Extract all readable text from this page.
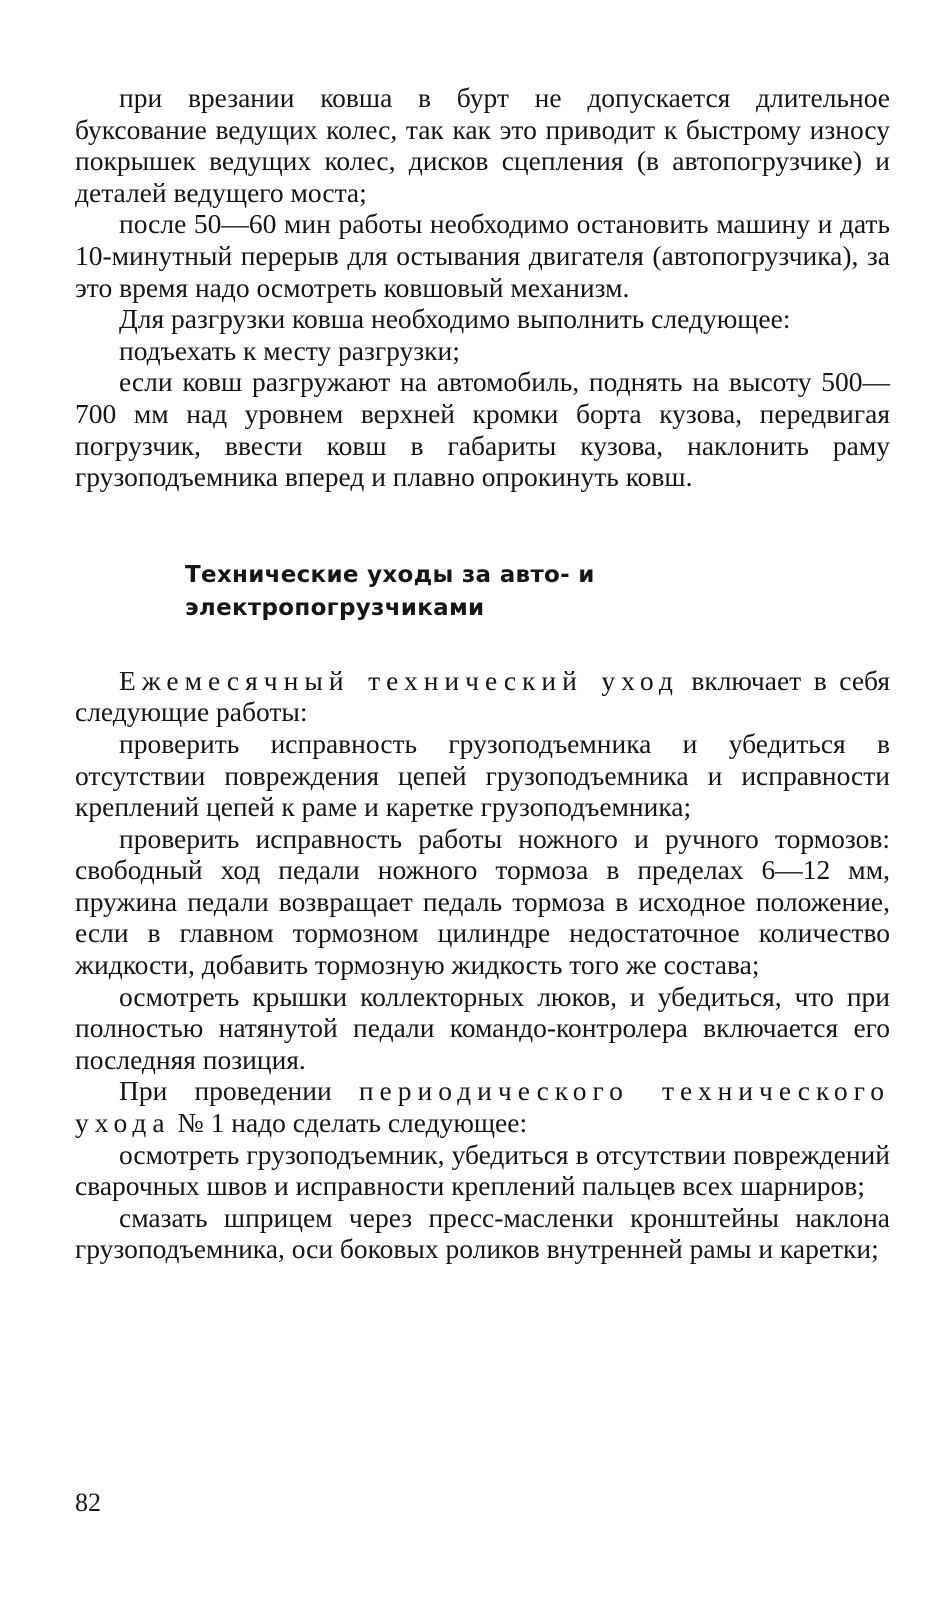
при врезании ковша в бурт не допускается длительное буксование ведущих колес, так как это приводит к быстрому износу покрышек ведущих колес, дисков сцепления (в автопогрузчике) и деталей ведущего моста;

после 50—60 мин работы необходимо остановить машину и дать 10-минутный перерыв для остывания двигателя (автопогрузчика), за это время надо осмотреть ковшовый механизм.

Для разгрузки ковша необходимо выполнить следующее:

подъехать к месту разгрузки;

если ковш разгружают на автомобиль, поднять на высоту 500—700 мм над уровнем верхней кромки борта кузова, передвигая погрузчик, ввести ковш в габариты кузова, наклонить раму грузоподъемника вперед и плавно опрокинуть ковш.

Технические уходы за авто- и электропогрузчиками

Ежемесячный технический уход включает в себя следующие работы:

проверить исправность грузоподъемника и убедиться в отсутствии повреждения цепей грузоподъемника и исправности креплений цепей к раме и каретке грузоподъемника;

проверить исправность работы ножного и ручного тормозов: свободный ход педали ножного тормоза в пределах 6—12 мм, пружина педали возвращает педаль тормоза в исходное положение, если в главном тормозном цилиндре недостаточное количество жидкости, добавить тормозную жидкость того же состава;

осмотреть крышки коллекторных люков, и убедиться, что при полностью натянутой педали командо-контролера включается его последняя позиция.

При проведении периодического технического ухода № 1 надо сделать следующее:

осмотреть грузоподъемник, убедиться в отсутствии повреждений сварочных швов и исправности креплений пальцев всех шарниров;

смазать шприцем через пресс-масленки кронштейны наклона грузоподъемника, оси боковых роликов внутренней рамы и каретки;

82
